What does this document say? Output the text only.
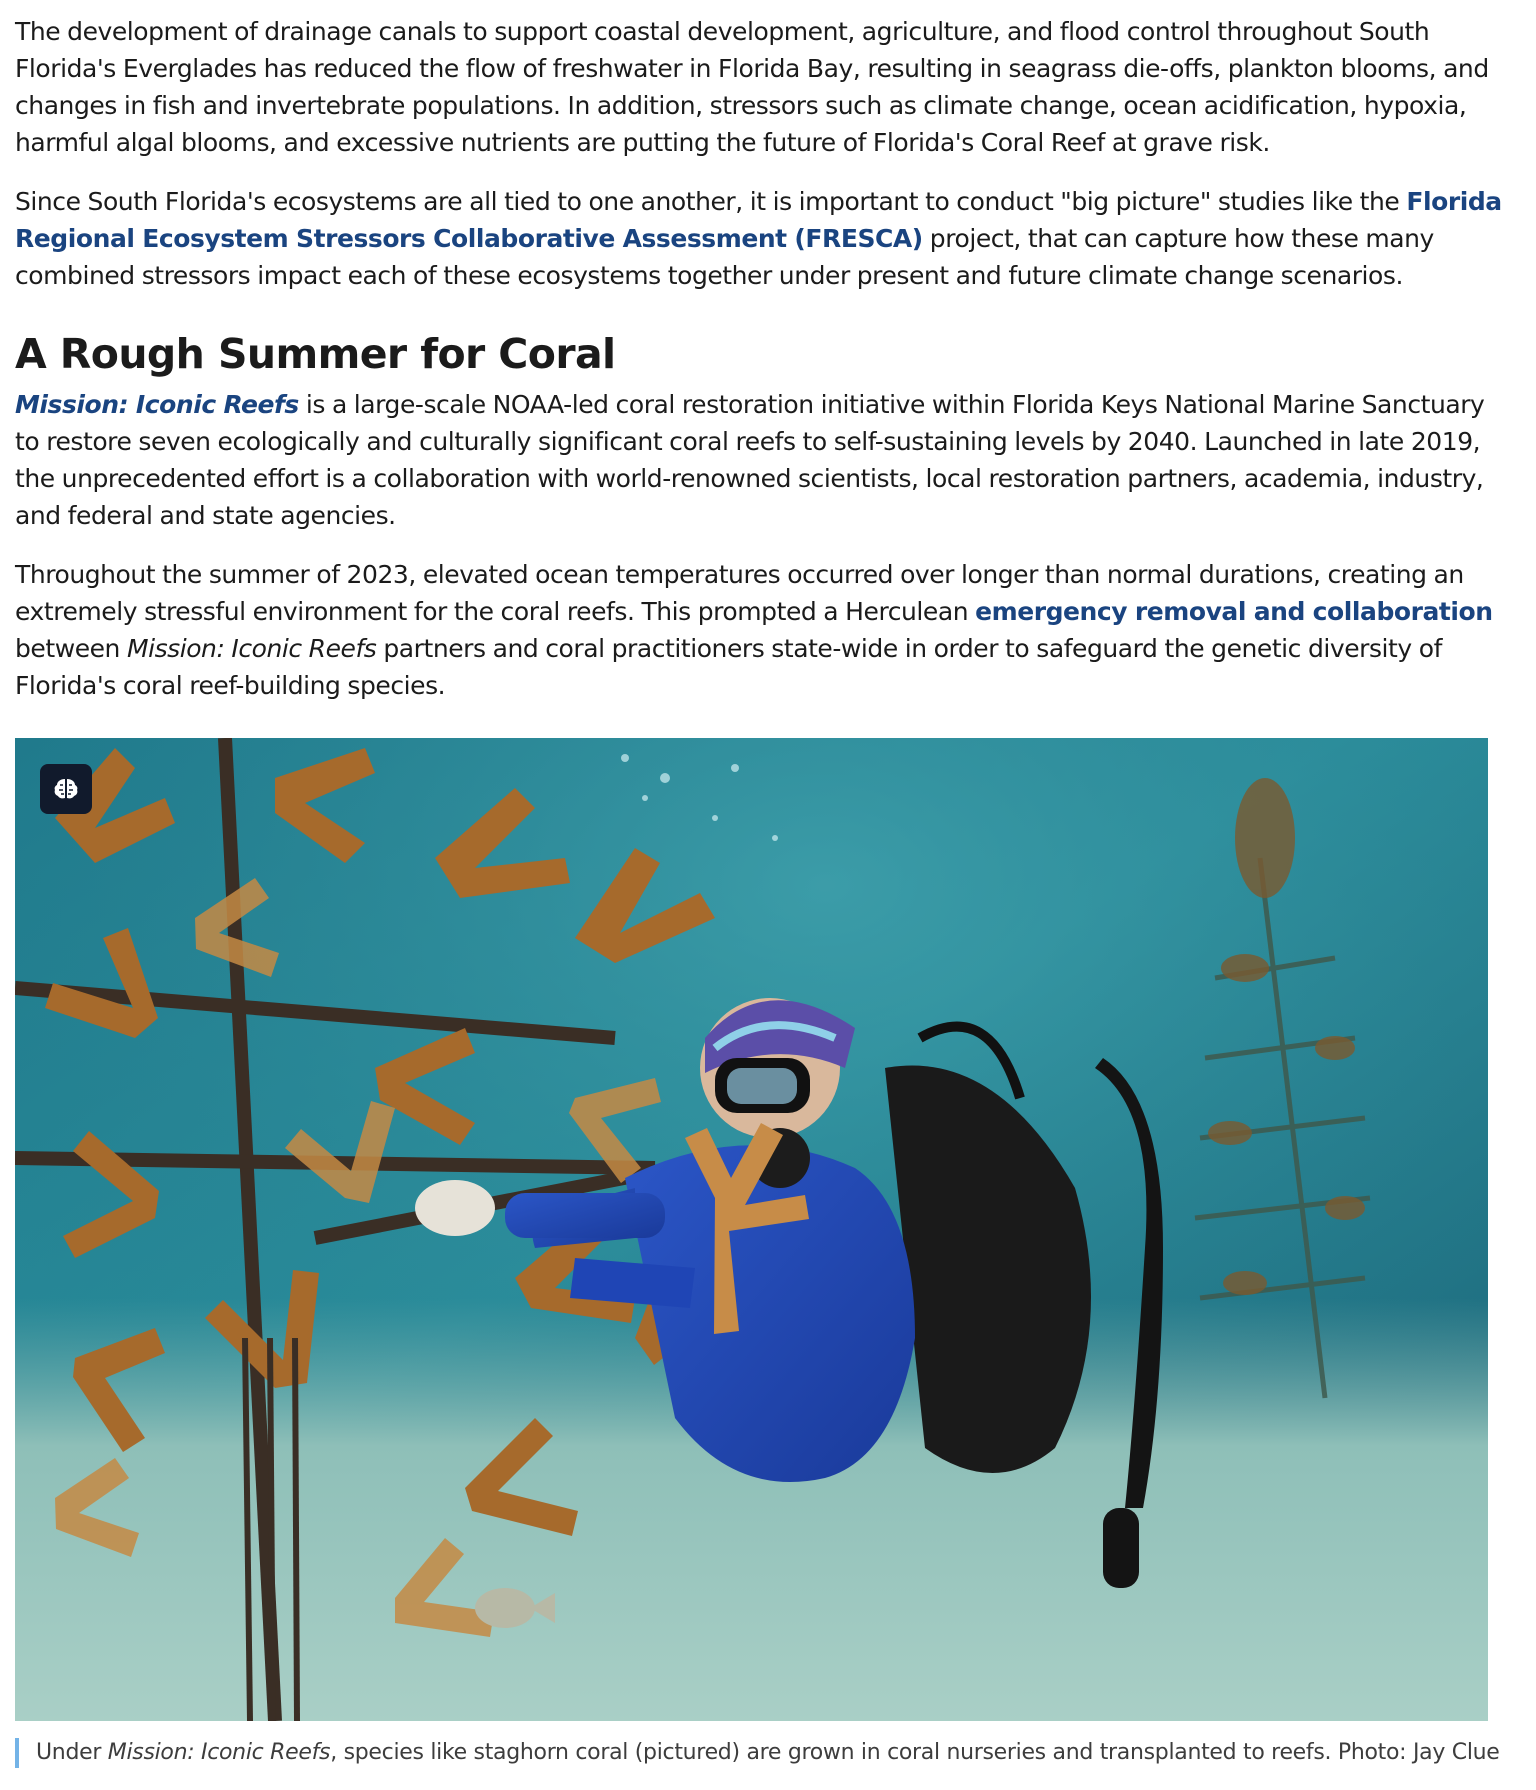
The development of drainage canals to support coastal development, agriculture, and flood control throughout South Florida's Everglades has reduced the flow of freshwater in Florida Bay, resulting in seagrass die-offs, plankton blooms, and changes in fish and invertebrate populations. In addition, stressors such as climate change, ocean acidification, hypoxia, harmful algal blooms, and excessive nutrients are putting the future of Florida's Coral Reef at grave risk.

Since South Florida's ecosystems are all tied to one another, it is important to conduct "big picture" studies like the Florida Regional Ecosystem Stressors Collaborative Assessment (FRESCA) project, that can capture how these many combined stressors impact each of these ecosystems together under present and future climate change scenarios.

A Rough Summer for Coral

Mission: Iconic Reefs is a large-scale NOAA-led coral restoration initiative within Florida Keys National Marine Sanctuary to restore seven ecologically and culturally significant coral reefs to self-sustaining levels by 2040. Launched in late 2019, the unprecedented effort is a collaboration with world-renowned scientists, local restoration partners, academia, industry, and federal and state agencies.

Throughout the summer of 2023, elevated ocean temperatures occurred over longer than normal durations, creating an extremely stressful environment for the coral reefs. This prompted a Herculean emergency removal and collaboration between Mission: Iconic Reefs partners and coral practitioners state-wide in order to safeguard the genetic diversity of Florida's coral reef-building species.

Under Mission: Iconic Reefs, species like staghorn coral (pictured) are grown in coral nurseries and transplanted to reefs. Photo: Jay Clue
